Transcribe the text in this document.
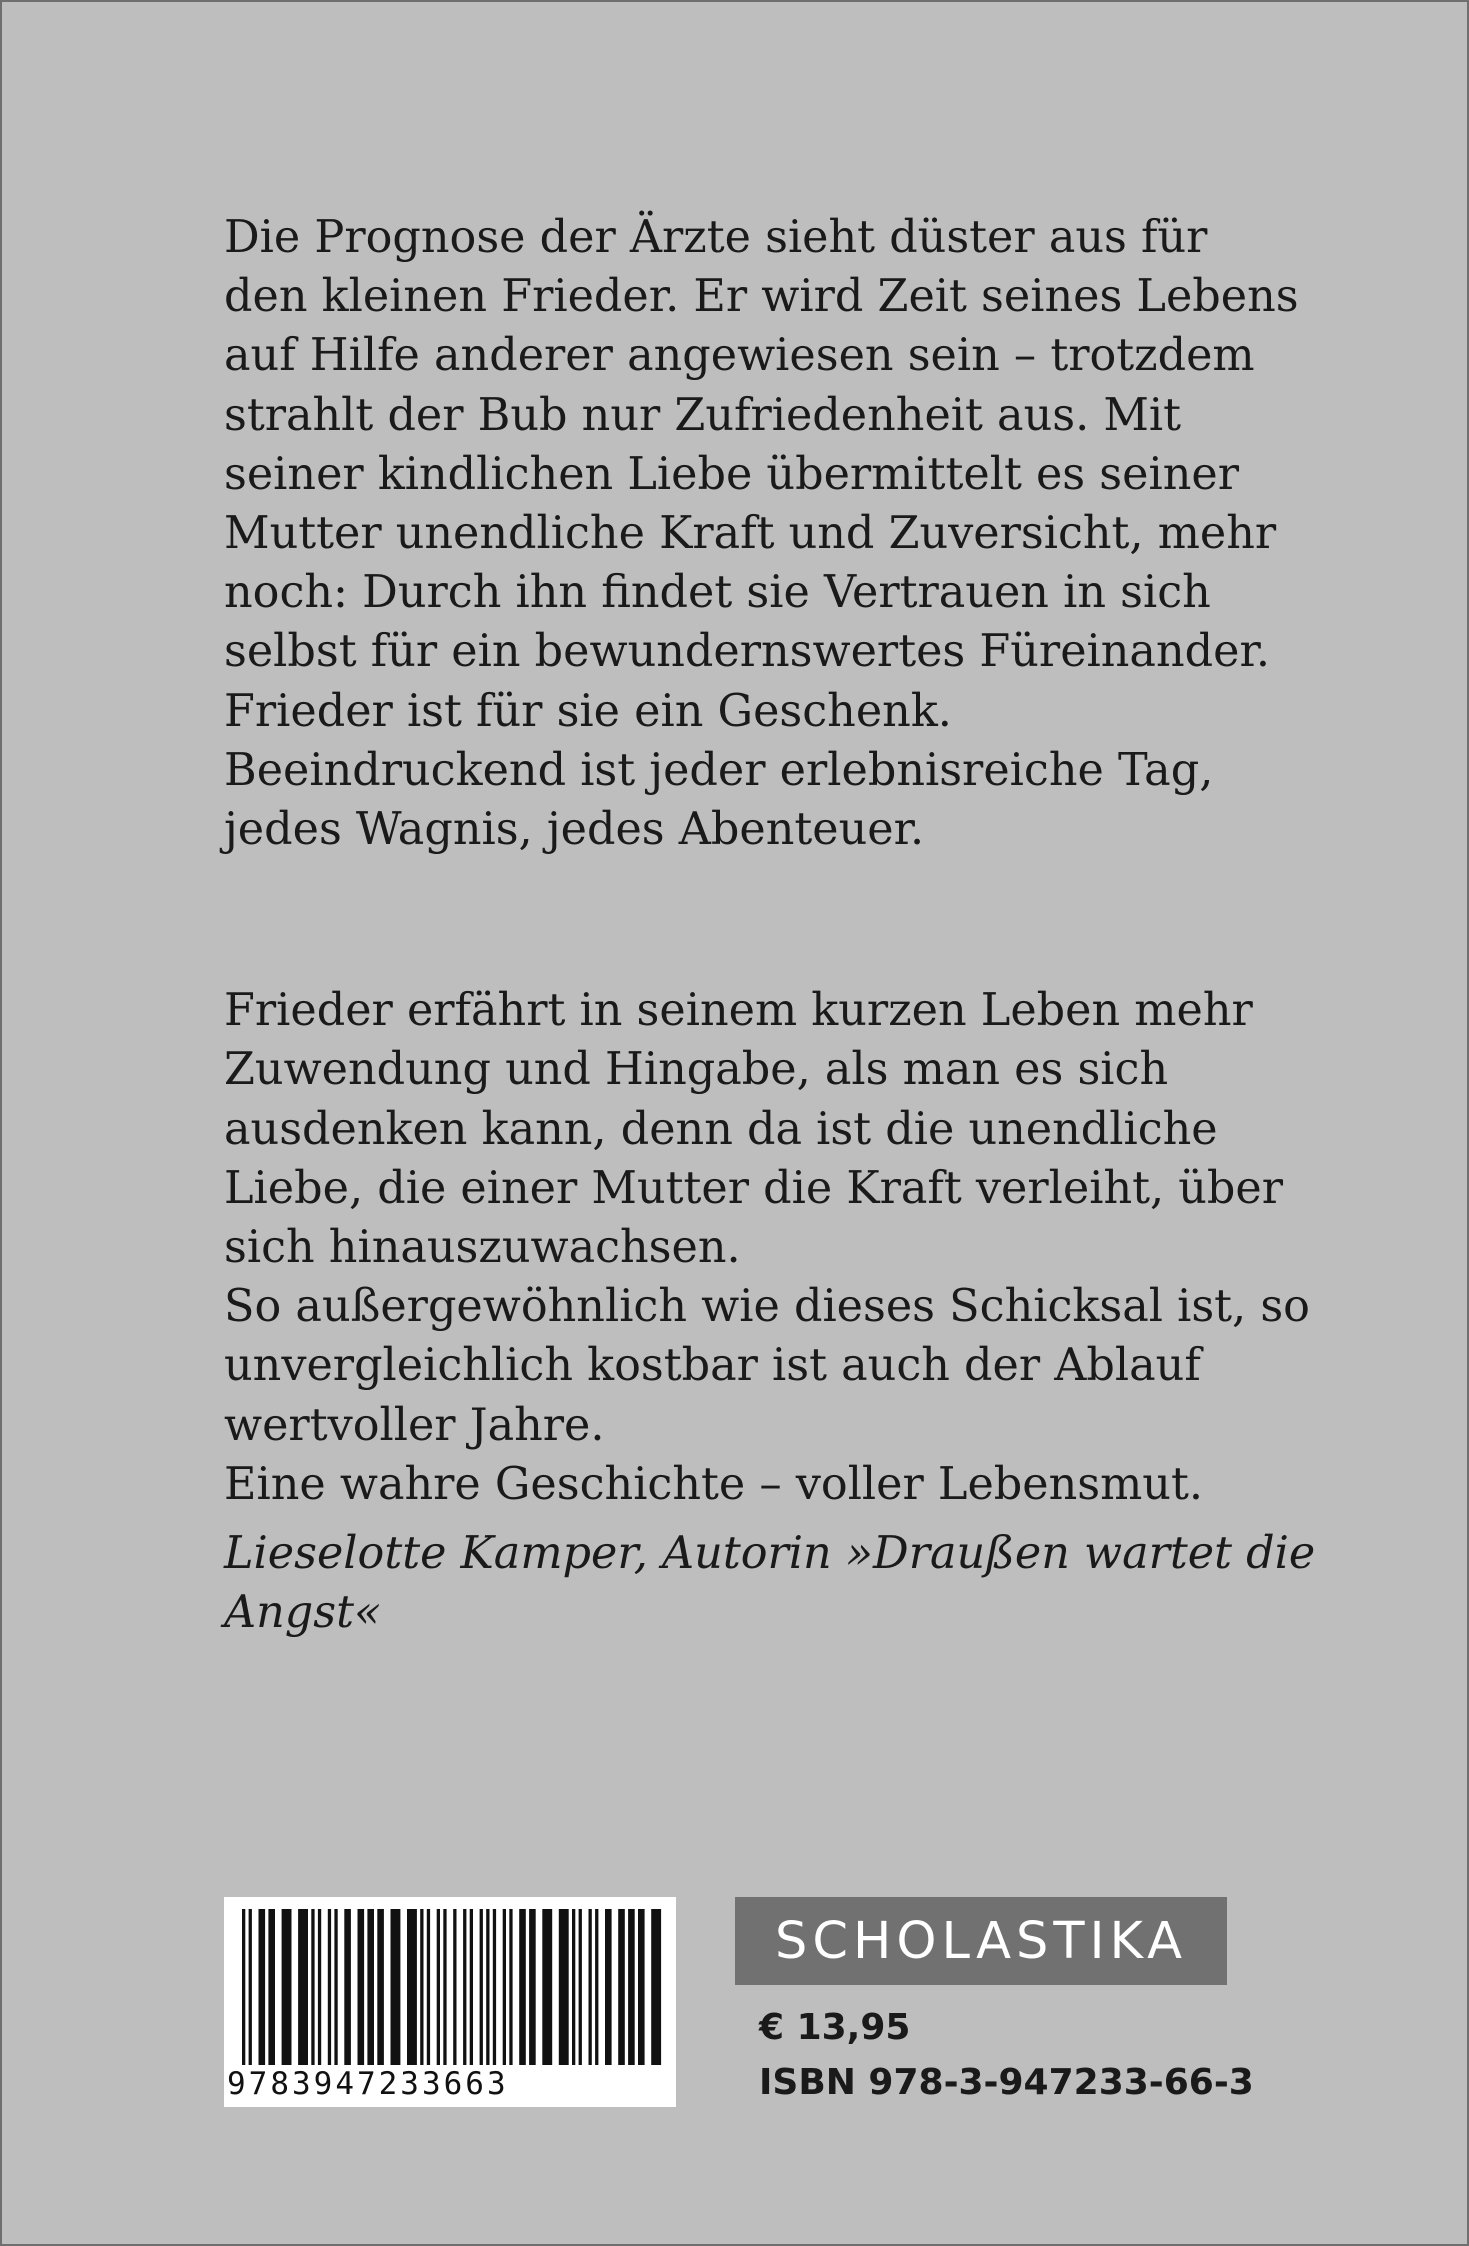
Die Prognose der Ärzte sieht düster aus für
den kleinen Frieder. Er wird Zeit seines Lebens
auf Hilfe anderer angewiesen sein – trotzdem
strahlt der Bub nur Zufriedenheit aus. Mit
seiner kindlichen Liebe übermittelt es seiner
Mutter unendliche Kraft und Zuversicht, mehr
noch: Durch ihn findet sie Vertrauen in sich
selbst für ein bewundernswertes Füreinander.
Frieder ist für sie ein Geschenk.
Beeindruckend ist jeder erlebnisreiche Tag,
jedes Wagnis, jedes Abenteuer.
Frieder erfährt in seinem kurzen Leben mehr
Zuwendung und Hingabe, als man es sich
ausdenken kann, denn da ist die unendliche
Liebe, die einer Mutter die Kraft verleiht, über
sich hinauszuwachsen.
So außergewöhnlich wie dieses Schicksal ist, so
unvergleichlich kostbar ist auch der Ablauf
wertvoller Jahre.
Eine wahre Geschichte – voller Lebensmut.
Lieselotte Kamper, Autorin »Draußen wartet die
Angst«
9783947233663
SCHOLASTIKA
€ 13,95
ISBN 978-3-947233-66-3
